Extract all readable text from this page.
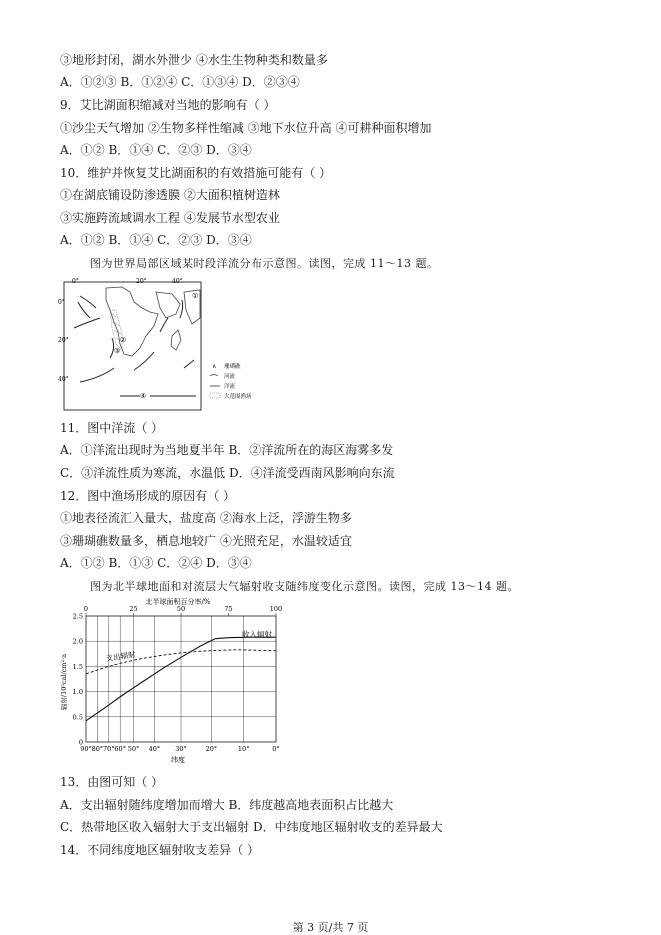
③地形封闭，湖水外泄少 ④水生生物种类和数量多
A．①②③ B．①②④ C．①③④ D．②③④
9．艾比湖面积缩减对当地的影响有（ ）
①沙尘天气增加 ②生物多样性缩减 ③地下水位升高 ④可耕种面积增加
A．①② B．①④ C．②③ D．③④
10．维护并恢复艾比湖面积的有效措施可能有（ ）
①在湖底铺设防渗透膜 ②大面积植树造林
③实施跨流域调水工程 ④发展节水型农业
A．①② B．①④ C．②③ D．③④
图为世界局部区域某时段洋流分布示意图。读图，完成 11～13 题。
0°	20°	40°
0°
20°
40°
①
②
③
④
∧ 珊瑚礁
河流
洋流
大范围渔场
11．图中洋流（ ）
A．①洋流出现时为当地夏半年 B．②洋流所在的海区海雾多发
C．③洋流性质为寒流，水温低 D．④洋流受西南风影响向东流
12．图中渔场形成的原因有（ ）
①地表径流汇入量大，盐度高 ②海水上泛，浮游生物多
③珊瑚礁数量多，栖息地较广 ④光照充足，水温较适宜
A．①② B．①③ C．②④ D．③④
图为北半球地面和对流层大气辐射收支随纬度变化示意图。读图，完成 13～14 题。
北半球面积百分率/%
0	25	50	75	100
0
0.5
1.0
1.5
2.0
2.5
90° 80° 70° 60° 50° 40° 30°	20°	10°	0°
辐射/10⁵cal/cm²·a
纬度
收入辐射
支出辐射
13．由图可知（ ）
A．支出辐射随纬度增加而增大 B．纬度越高地表面积占比越大
C．热带地区收入辐射大于支出辐射 D．中纬度地区辐射收支的差异最大
14．不同纬度地区辐射收支差异（ ）
第 3 页/共 7 页
